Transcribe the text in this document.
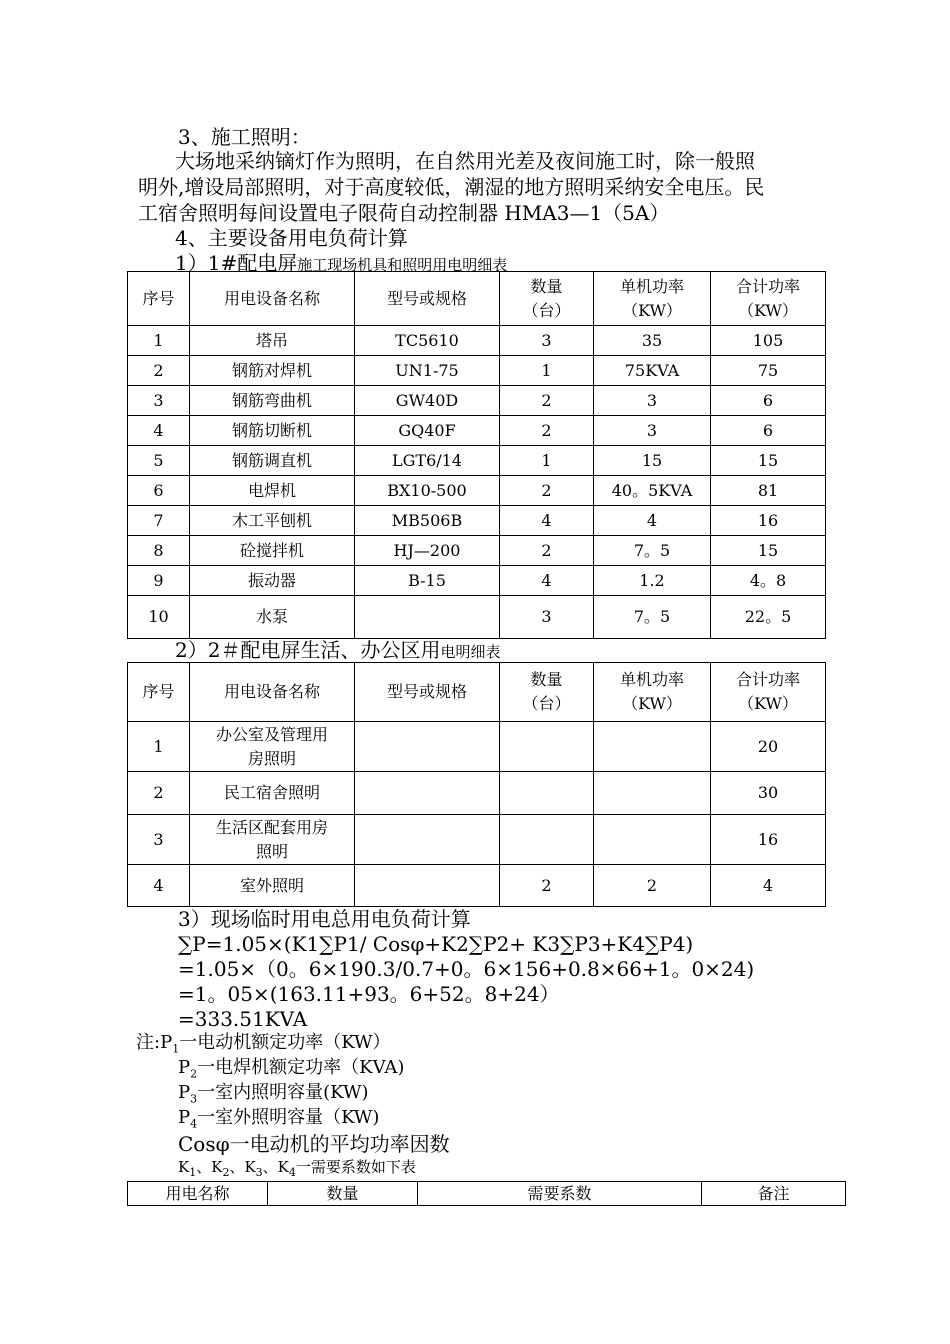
3、施工照明：
大场地采纳镝灯作为照明，在自然用光差及夜间施工时，除一般照
明外,增设局部照明，对于高度较低，潮湿的地方照明采纳安全电压。民
工宿舍照明每间设置电子限荷自动控制器 HMA3—1（5A）
4、主要设备用电负荷计算
1）1#配电屏施工现场机具和照明用电明细表
序号	用电设备名称	型号或规格	数量
（台）	单机功率
（KW）	合计功率
（KW）
1	塔吊	TC5610	3	35	105
2	钢筋对焊机	UN1-75	1	75KVA	75
3	钢筋弯曲机	GW40D	2	3	6
4	钢筋切断机	GQ40F	2	3	6
5	钢筋调直机	LGT6/14	1	15	15
6	电焊机	BX10-500	2	40。5KVA	81
7	木工平刨机	MB506B	4	4	16
8	砼搅拌机	HJ—200	2	7。5	15
9	振动器	B-15	4	1.2	4。8
10	水泵		3	7。5	22。5
2）2＃配电屏生活、办公区用电明细表
序号	用电设备名称	型号或规格	数量
（台）	单机功率
（KW）	合计功率
（KW）
1	办公室及管理用
房照明				20
2	民工宿舍照明				30
3	生活区配套用房
照明				16
4	室外照明		2	2	4
3）现场临时用电总用电负荷计算
∑P=1.05×(K1∑P1/ Cosφ+K2∑P2+ K3∑P3+K4∑P4)
=1.05×（0。6×190.3/0.7+0。6×156+0.8×66+1。0×24)
=1。05×(163.11+93。6+52。8+24）
=333.51KVA
注$:P_1$一电动机额定功率（KW）
$P_2$一电焊机额定功率（KVA)
$P_3$一室内照明容量(KW)
$P_4$一室外照明容量（KW)
Cosφ一电动机的平均功率因数
$K_1$、$K_2$、$K_3$、$K_4$一需要系数如下表
用电名称	数量	需要系数	备注
